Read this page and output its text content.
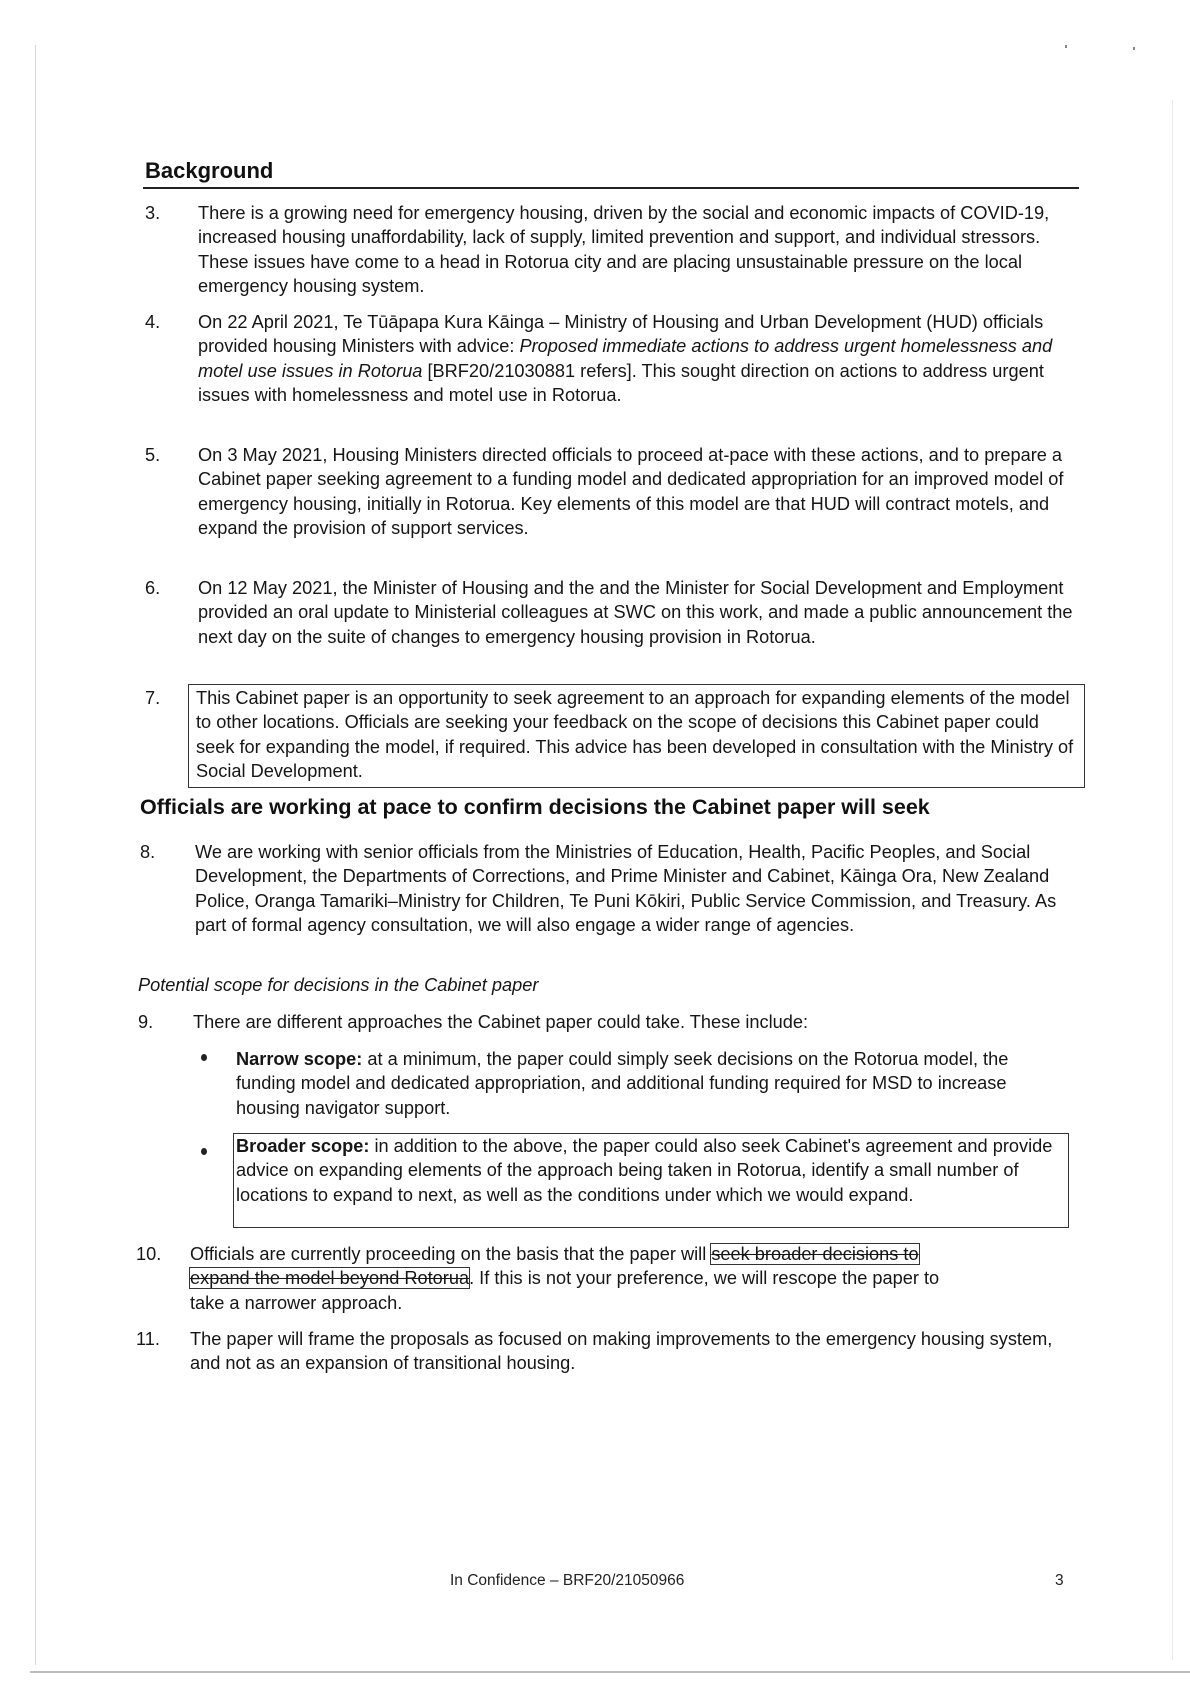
Background
3. There is a growing need for emergency housing, driven by the social and economic impacts of COVID-19, increased housing unaffordability, lack of supply, limited prevention and support, and individual stressors. These issues have come to a head in Rotorua city and are placing unsustainable pressure on the local emergency housing system.
4. On 22 April 2021, Te Tūāpapa Kura Kāinga – Ministry of Housing and Urban Development (HUD) officials provided housing Ministers with advice: Proposed immediate actions to address urgent homelessness and motel use issues in Rotorua [BRF20/21030881 refers]. This sought direction on actions to address urgent issues with homelessness and motel use in Rotorua.
5. On 3 May 2021, Housing Ministers directed officials to proceed at-pace with these actions, and to prepare a Cabinet paper seeking agreement to a funding model and dedicated appropriation for an improved model of emergency housing, initially in Rotorua. Key elements of this model are that HUD will contract motels, and expand the provision of support services.
6. On 12 May 2021, the Minister of Housing and the and the Minister for Social Development and Employment provided an oral update to Ministerial colleagues at SWC on this work, and made a public announcement the next day on the suite of changes to emergency housing provision in Rotorua.
7. This Cabinet paper is an opportunity to seek agreement to an approach for expanding elements of the model to other locations. Officials are seeking your feedback on the scope of decisions this Cabinet paper could seek for expanding the model, if required. This advice has been developed in consultation with the Ministry of Social Development.
Officials are working at pace to confirm decisions the Cabinet paper will seek
8. We are working with senior officials from the Ministries of Education, Health, Pacific Peoples, and Social Development, the Departments of Corrections, and Prime Minister and Cabinet, Kāinga Ora, New Zealand Police, Oranga Tamariki–Ministry for Children, Te Puni Kōkiri, Public Service Commission, and Treasury. As part of formal agency consultation, we will also engage a wider range of agencies.
Potential scope for decisions in the Cabinet paper
9. There are different approaches the Cabinet paper could take. These include:
Narrow scope: at a minimum, the paper could simply seek decisions on the Rotorua model, the funding model and dedicated appropriation, and additional funding required for MSD to increase housing navigator support.
Broader scope: in addition to the above, the paper could also seek Cabinet's agreement and provide advice on expanding elements of the approach being taken in Rotorua, identify a small number of locations to expand to next, as well as the conditions under which we would expand.
10. Officials are currently proceeding on the basis that the paper will seek broader decisions to

expand the model beyond Rotorua. If this is not your preference, we will rescope the paper to

take a narrower approach.

11. The paper will frame the proposals as focused on making improvements to the emergency housing system, and not as an expansion of transitional housing.
In Confidence – BRF20/21050966	3
